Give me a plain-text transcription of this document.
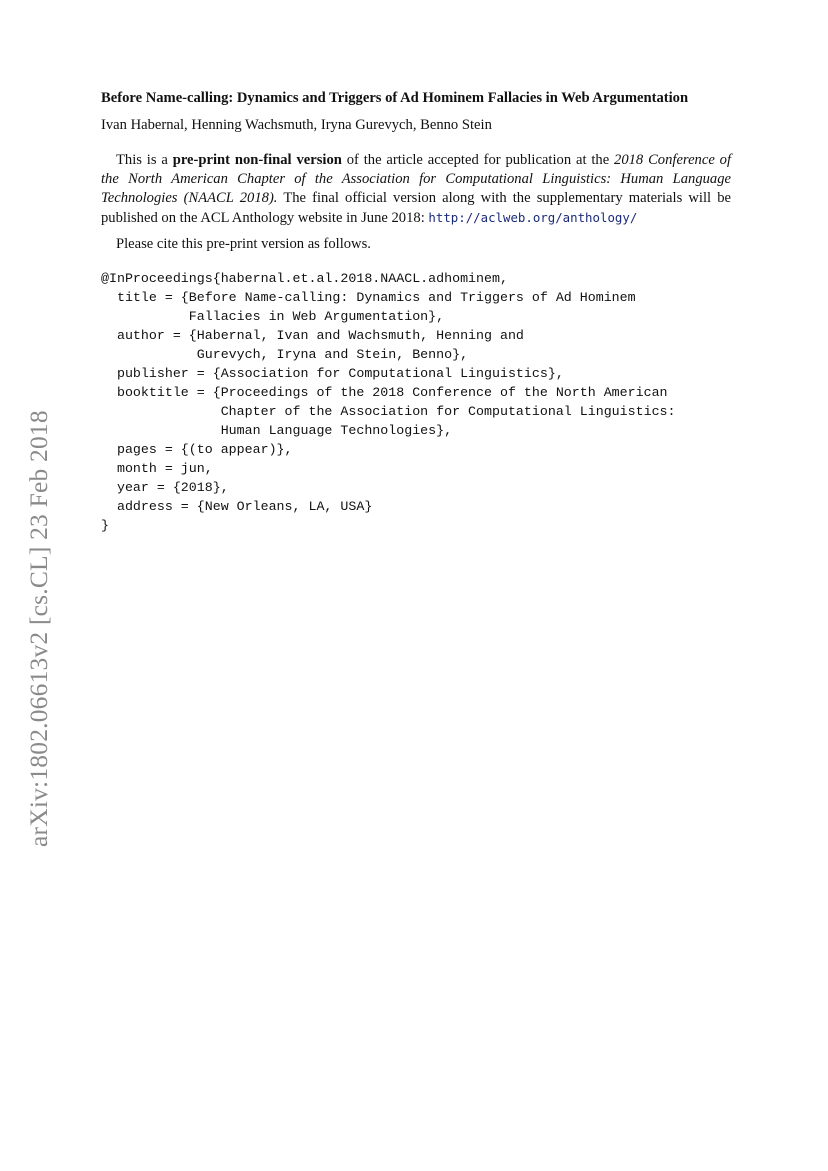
Before Name-calling: Dynamics and Triggers of Ad Hominem Fallacies in Web Argumentation
Ivan Habernal, Henning Wachsmuth, Iryna Gurevych, Benno Stein
This is a pre-print non-final version of the article accepted for publication at the 2018 Conference of the North American Chapter of the Association for Computational Linguistics: Human Language Technologies (NAACL 2018). The final official version along with the supplementary materials will be published on the ACL Anthology website in June 2018: http://aclweb.org/anthology/
Please cite this pre-print version as follows.
@InProceedings{habernal.et.al.2018.NAACL.adhominem,
title = {Before Name-calling: Dynamics and Triggers of Ad Hominem
Fallacies in Web Argumentation},
author = {Habernal, Ivan and Wachsmuth, Henning and
Gurevych, Iryna and Stein, Benno},
publisher = {Association for Computational Linguistics},
booktitle = {Proceedings of the 2018 Conference of the North American
Chapter of the Association for Computational Linguistics:
Human Language Technologies},
pages = {(to appear)},
month = jun,
year = {2018},
address = {New Orleans, LA, USA}
}
arXiv:1802.06613v2 [cs.CL] 23 Feb 2018
